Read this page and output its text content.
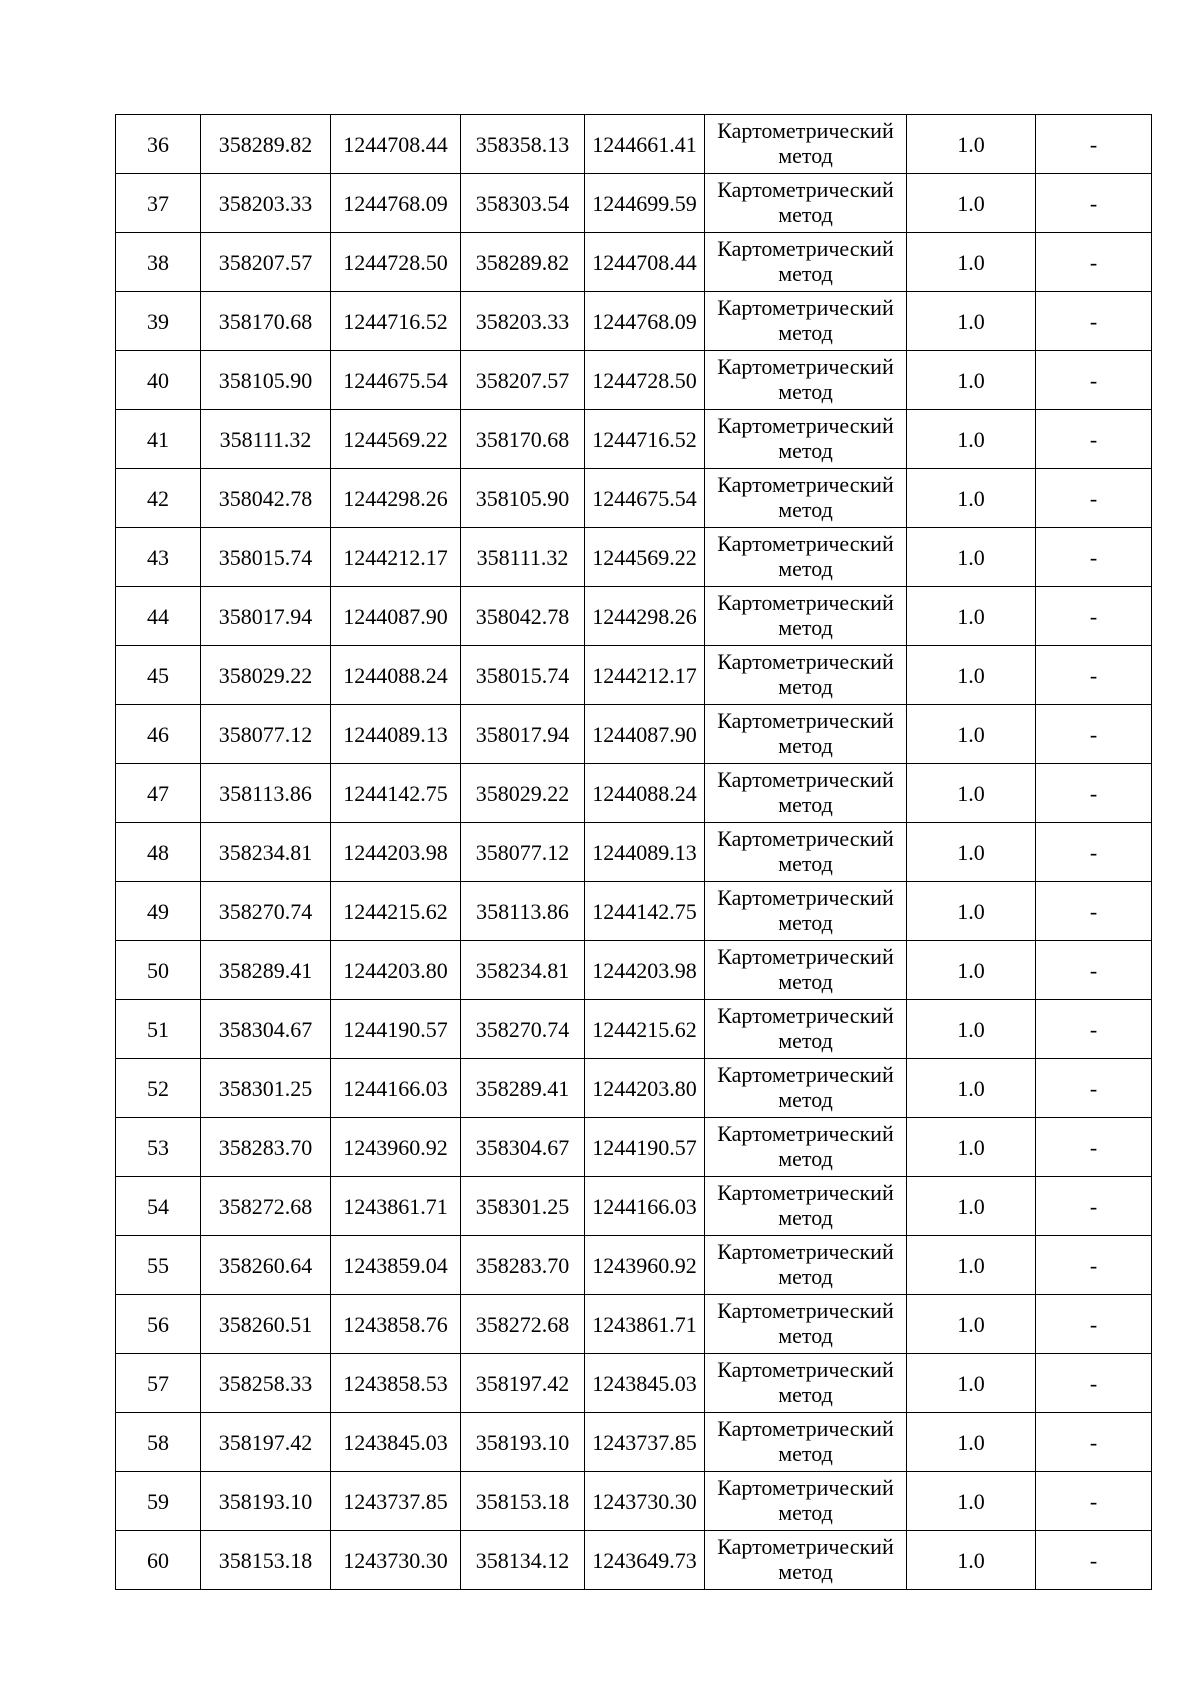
36	358289.82	1244708.44	358358.13	1244661.41	Картометрический
метод	1.0	-
37	358203.33	1244768.09	358303.54	1244699.59	Картометрический
метод	1.0	-
38	358207.57	1244728.50	358289.82	1244708.44	Картометрический
метод	1.0	-
39	358170.68	1244716.52	358203.33	1244768.09	Картометрический
метод	1.0	-
40	358105.90	1244675.54	358207.57	1244728.50	Картометрический
метод	1.0	-
41	358111.32	1244569.22	358170.68	1244716.52	Картометрический
метод	1.0	-
42	358042.78	1244298.26	358105.90	1244675.54	Картометрический
метод	1.0	-
43	358015.74	1244212.17	358111.32	1244569.22	Картометрический
метод	1.0	-
44	358017.94	1244087.90	358042.78	1244298.26	Картометрический
метод	1.0	-
45	358029.22	1244088.24	358015.74	1244212.17	Картометрический
метод	1.0	-
46	358077.12	1244089.13	358017.94	1244087.90	Картометрический
метод	1.0	-
47	358113.86	1244142.75	358029.22	1244088.24	Картометрический
метод	1.0	-
48	358234.81	1244203.98	358077.12	1244089.13	Картометрический
метод	1.0	-
49	358270.74	1244215.62	358113.86	1244142.75	Картометрический
метод	1.0	-
50	358289.41	1244203.80	358234.81	1244203.98	Картометрический
метод	1.0	-
51	358304.67	1244190.57	358270.74	1244215.62	Картометрический
метод	1.0	-
52	358301.25	1244166.03	358289.41	1244203.80	Картометрический
метод	1.0	-
53	358283.70	1243960.92	358304.67	1244190.57	Картометрический
метод	1.0	-
54	358272.68	1243861.71	358301.25	1244166.03	Картометрический
метод	1.0	-
55	358260.64	1243859.04	358283.70	1243960.92	Картометрический
метод	1.0	-
56	358260.51	1243858.76	358272.68	1243861.71	Картометрический
метод	1.0	-
57	358258.33	1243858.53	358197.42	1243845.03	Картометрический
метод	1.0	-
58	358197.42	1243845.03	358193.10	1243737.85	Картометрический
метод	1.0	-
59	358193.10	1243737.85	358153.18	1243730.30	Картометрический
метод	1.0	-
60	358153.18	1243730.30	358134.12	1243649.73	Картометрический
метод	1.0	-
